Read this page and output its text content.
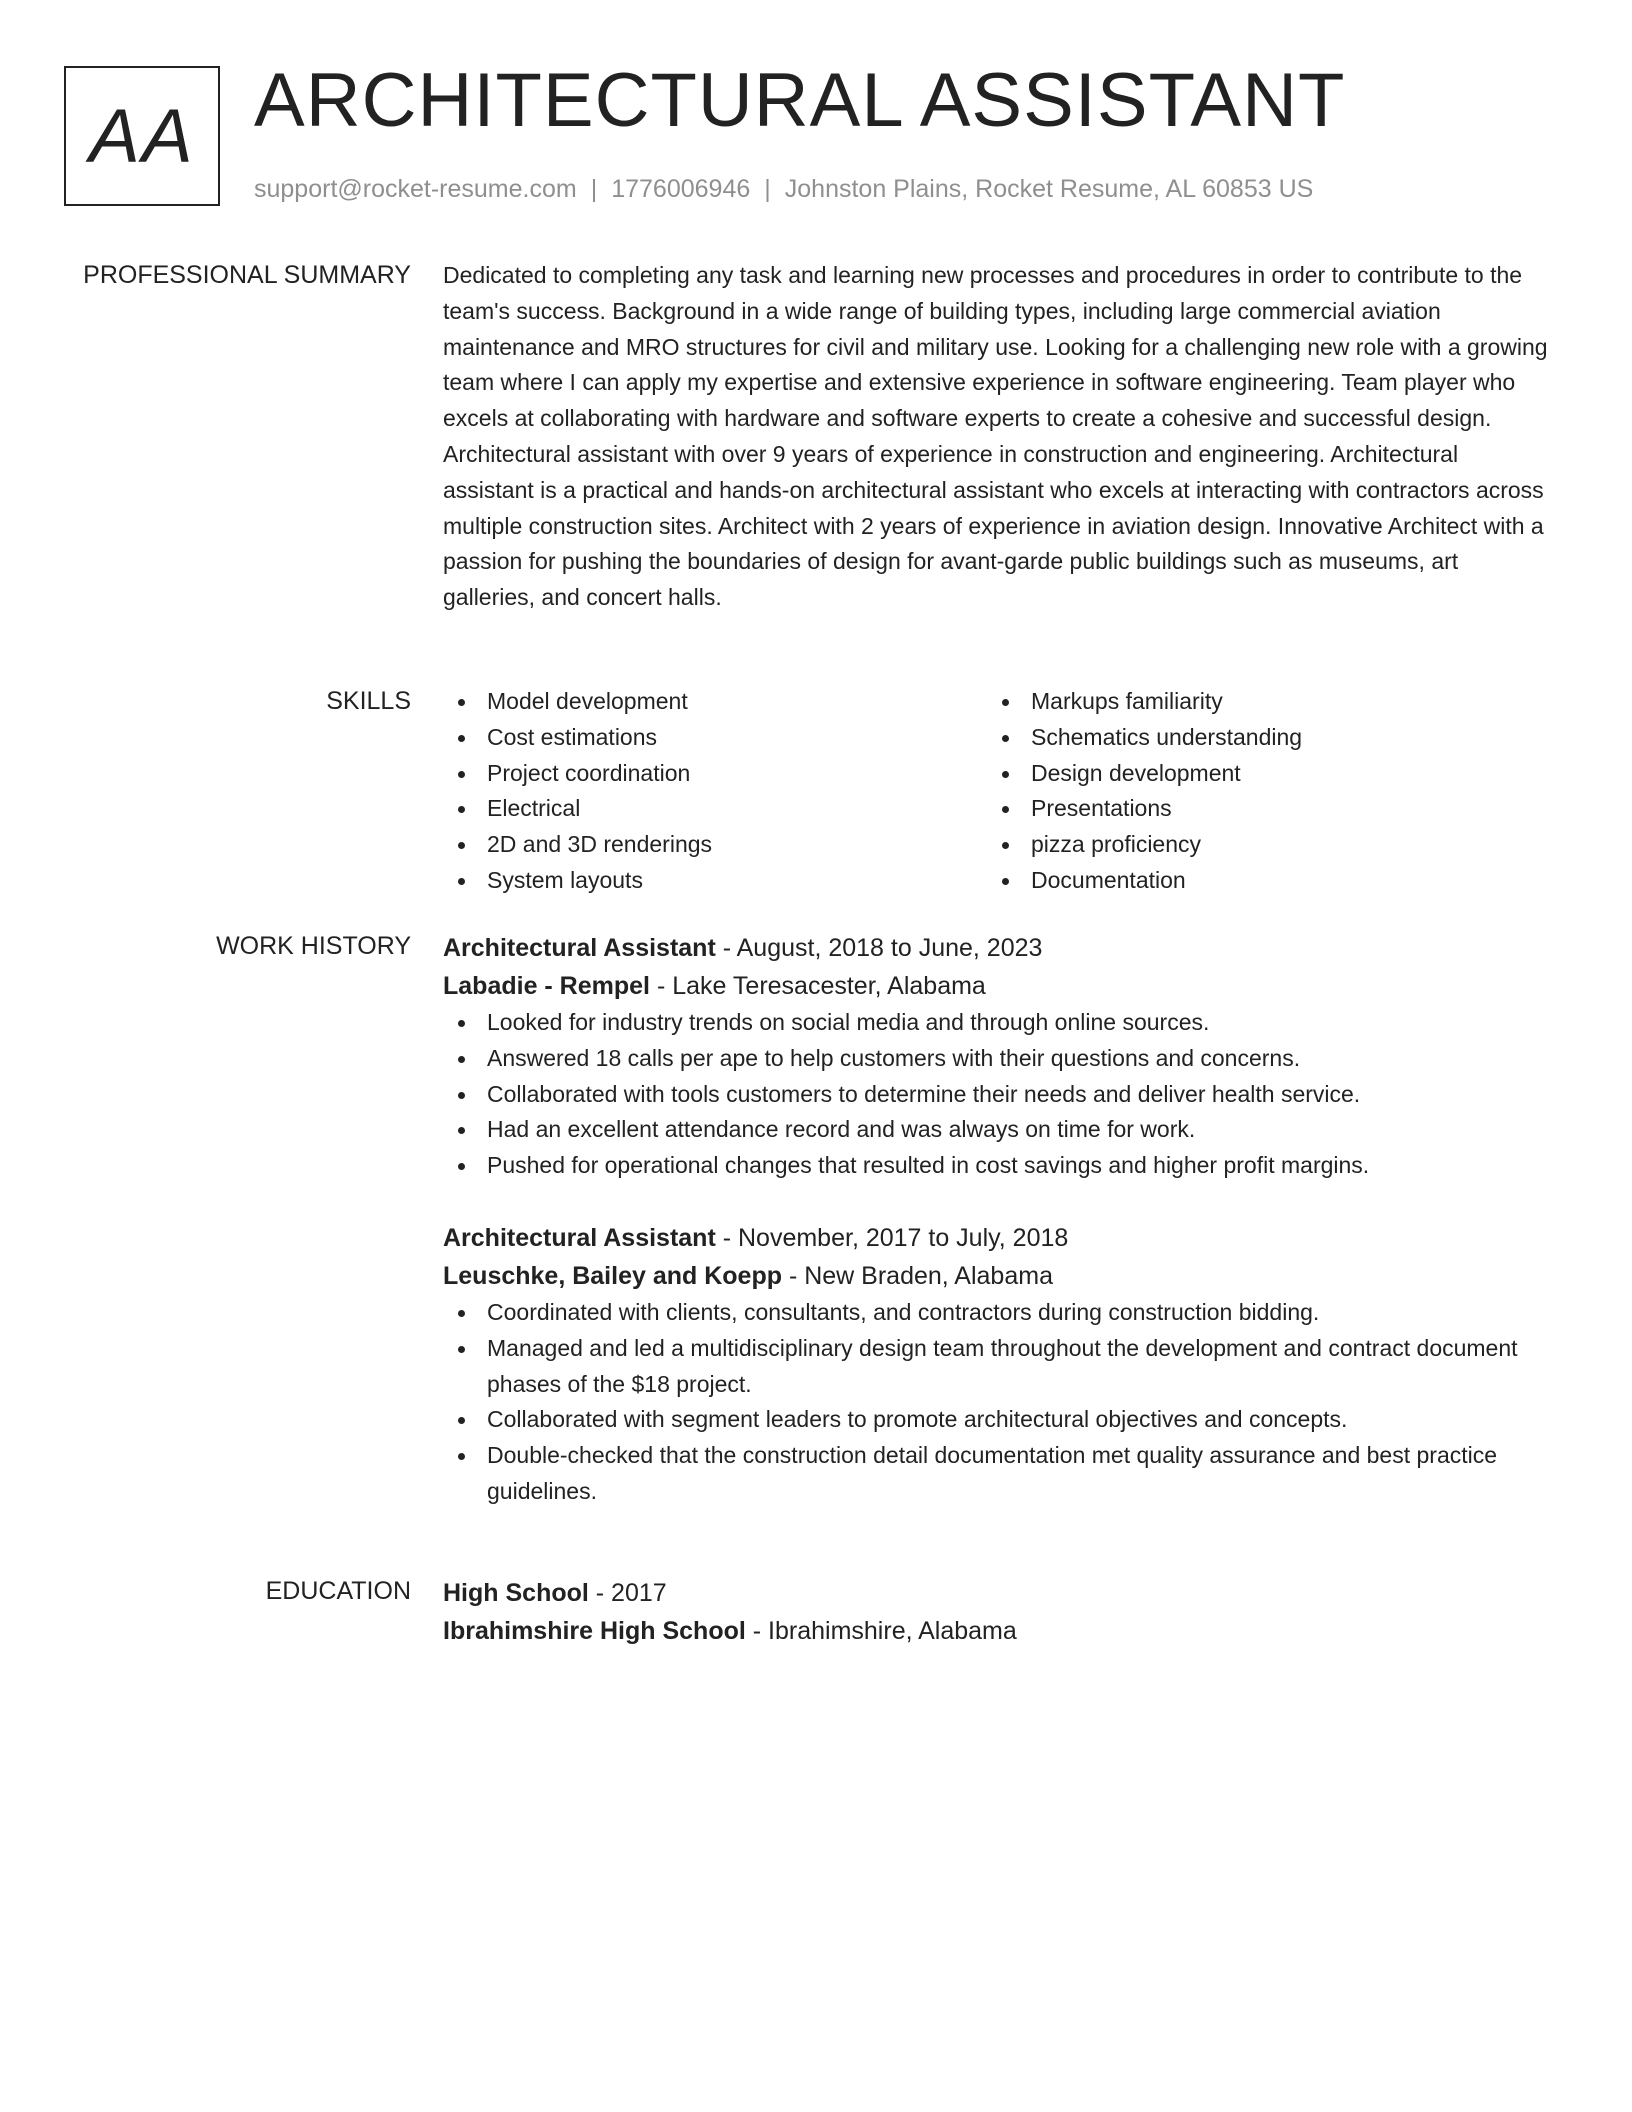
AA ARCHITECTURAL ASSISTANT
support@rocket-resume.com | 1776006946 | Johnston Plains, Rocket Resume, AL 60853 US
PROFESSIONAL SUMMARY Dedicated to completing any task and learning new processes and procedures in order to contribute to the team's success. Background in a wide range of building types, including large commercial aviation maintenance and MRO structures for civil and military use. Looking for a challenging new role with a growing team where I can apply my expertise and extensive experience in software engineering. Team player who excels at collaborating with hardware and software experts to create a cohesive and successful design. Architectural assistant with over 9 years of experience in construction and engineering. Architectural assistant is a practical and hands-on architectural assistant who excels at interacting with contractors across multiple construction sites. Architect with 2 years of experience in aviation design. Innovative Architect with a passion for pushing the boundaries of design for avant-garde public buildings such as museums, art galleries, and concert halls.

SKILLS	Model development
Cost estimations
Project coordination
Electrical
2D and 3D renderings
System layouts
Markups familiarity
Schematics understanding
Design development
Presentations
pizza proficiency
Documentation
WORK HISTORY Architectural Assistant - August, 2018 to June, 2023
Labadie - Rempel - Lake Teresacester, Alabama
Looked for industry trends on social media and through online sources.
Answered 18 calls per ape to help customers with their questions and concerns.
Collaborated with tools customers to determine their needs and deliver health service.
Had an excellent attendance record and was always on time for work.
Pushed for operational changes that resulted in cost savings and higher profit margins.
Architectural Assistant - November, 2017 to July, 2018
Leuschke, Bailey and Koepp - New Braden, Alabama
Coordinated with clients, consultants, and contractors during construction bidding.
Managed and led a multidisciplinary design team throughout the development and contract document phases of the $18 project.
Collaborated with segment leaders to promote architectural objectives and concepts.
Double-checked that the construction detail documentation met quality assurance and best practice guidelines.
EDUCATION High School - 2017
Ibrahimshire High School - Ibrahimshire, Alabama
